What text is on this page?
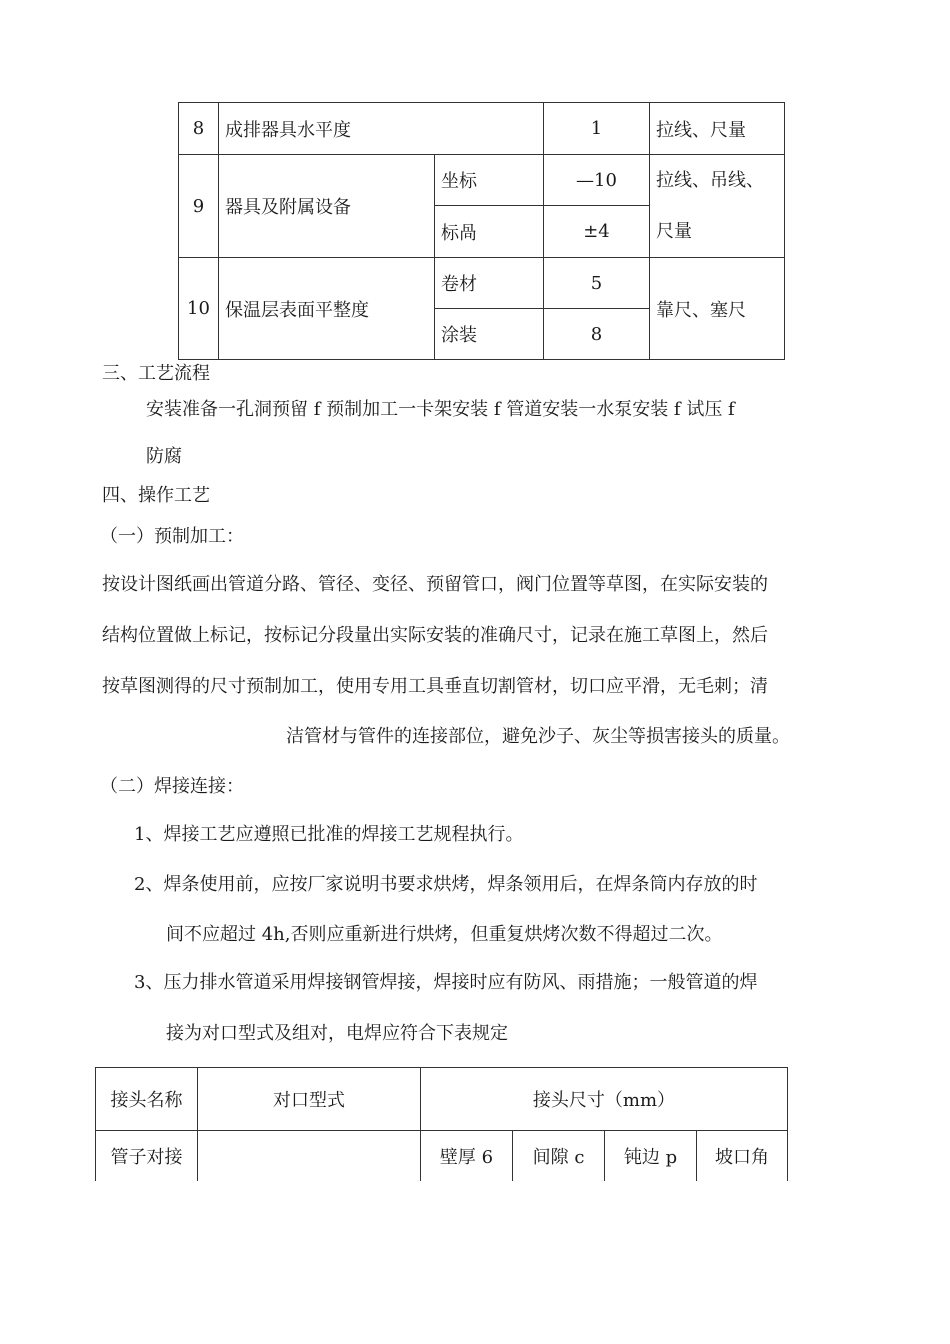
8	成排器具水平度		1	拉线、尺量
9	器具及附属设备	坐标	—10	拉线、吊线、
尺量

		标咼	±4	
10	保温层表面平整度	卷材	5	靠尺、塞尺
		涂装	8	
三、工艺流程
安装准备一孔洞预留 f 预制加工一卡架安装 f 管道安装一水泵安装 f 试压 f
防腐
四、操作工艺
（一）预制加工：
按设计图纸画出管道分路、管径、变径、预留管口，阀门位置等草图，在实际安装的
结构位置做上标记，按标记分段量出实际安装的准确尺寸，记录在施工草图上，然后
按草图测得的尺寸预制加工，使用专用工具垂直切割管材，切口应平滑，无毛刺；清
洁管材与管件的连接部位，避免沙子、灰尘等损害接头的质量。
（二）焊接连接：
1、焊接工艺应遵照已批准的焊接工艺规程执行。
2、焊条使用前，应按厂家说明书要求烘烤，焊条领用后，在焊条筒内存放的时
间不应超过 4h,否则应重新进行烘烤，但重复烘烤次数不得超过二次。
3、压力排水管道采用焊接钢管焊接，焊接时应有防风、雨措施；一般管道的焊
接为对口型式及组对，电焊应符合下表规定
接头名称	对口型式	接头尺寸（mm）			
管子对接		壁厚 6	间隙 c	钝边 p	坡口角
